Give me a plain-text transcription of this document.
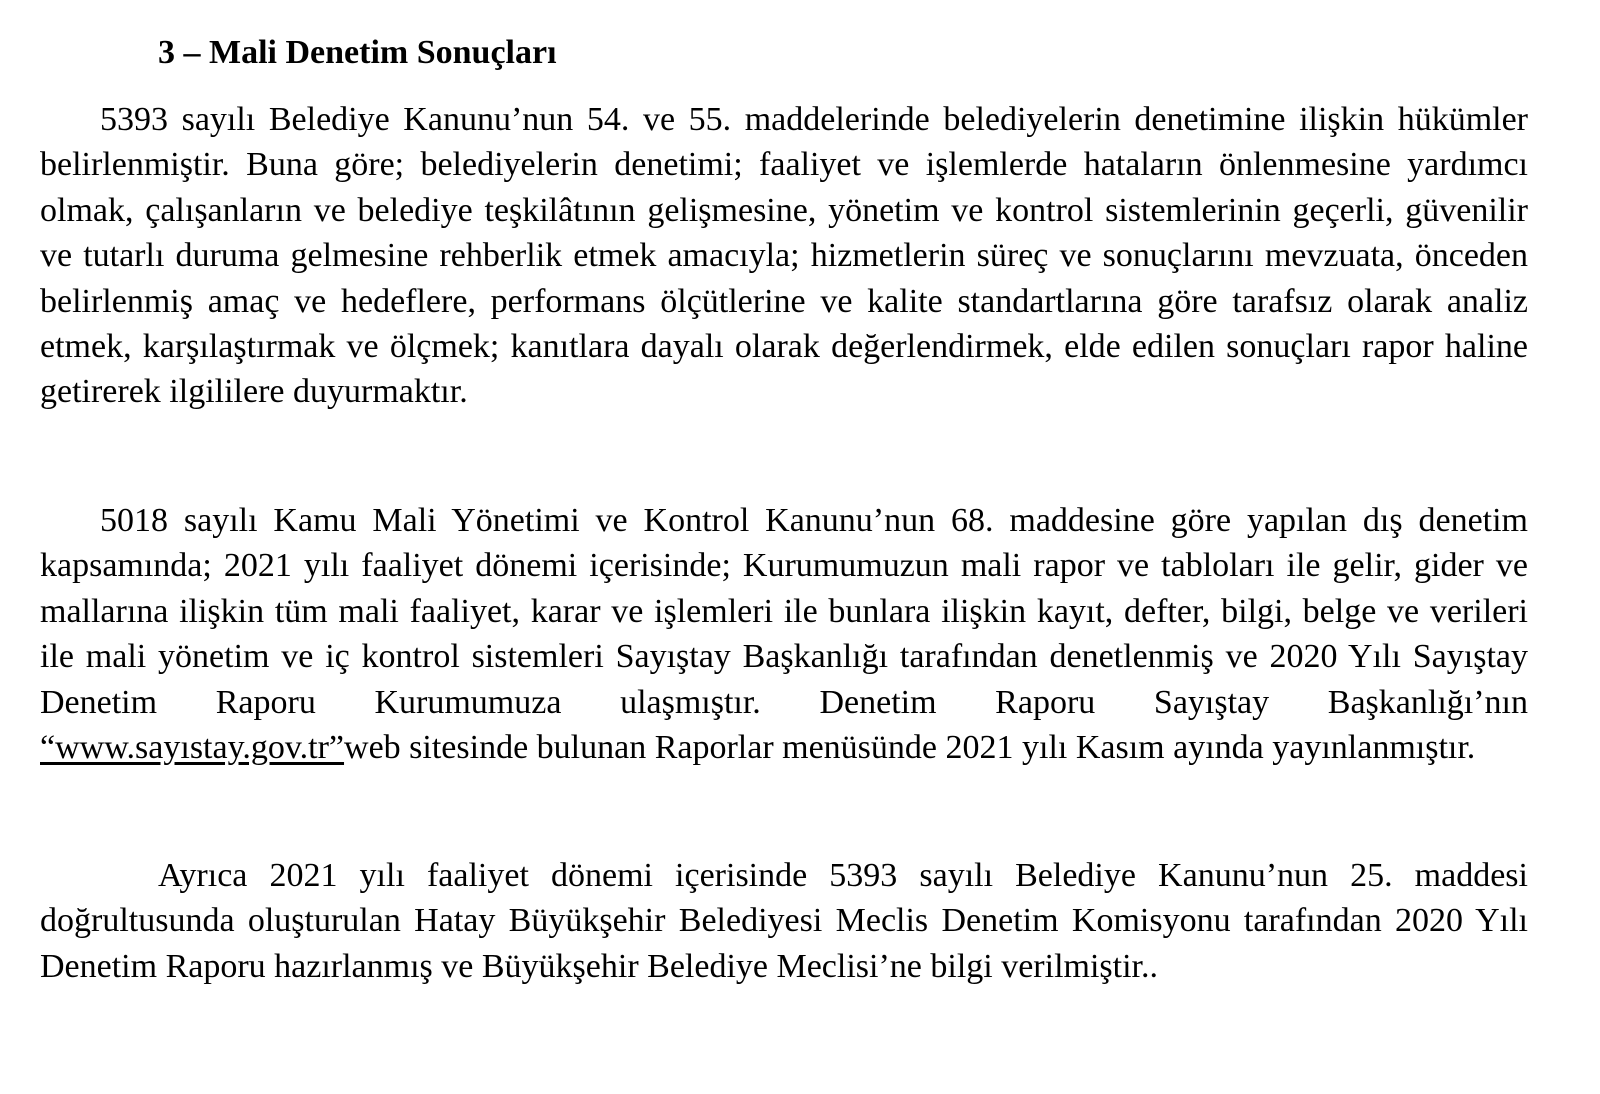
3 – Mali Denetim Sonuçları

5393 sayılı Belediye Kanunu’nun 54. ve 55. maddelerinde belediyelerin denetimine ilişkin hükümler belirlenmiştir. Buna göre; belediyelerin denetimi; faaliyet ve işlemlerde hataların önlenmesine yardımcı olmak, çalışanların ve belediye teşkilâtının gelişmesine, yönetim ve kontrol sistemlerinin geçerli, güvenilir ve tutarlı duruma gelmesine rehberlik etmek amacıyla; hizmetlerin süreç ve sonuçlarını mevzuata, önceden belirlenmiş amaç ve hedeflere, performans ölçütlerine ve kalite standartlarına göre tarafsız olarak analiz etmek, karşılaştırmak ve ölçmek; kanıtlara dayalı olarak değerlendirmek, elde edilen sonuçları rapor haline getirerek ilgililere duyurmaktır.

5018 sayılı Kamu Mali Yönetimi ve Kontrol Kanunu’nun 68. maddesine göre yapılan dış denetim kapsamında; 2021 yılı faaliyet dönemi içerisinde; Kurumumuzun mali rapor ve tabloları ile gelir, gider ve mallarına ilişkin tüm mali faaliyet, karar ve işlemleri ile bunlara ilişkin kayıt, defter, bilgi, belge ve verileri ile mali yönetim ve iç kontrol sistemleri Sayıştay Başkanlığı tarafından denetlenmiş ve 2020 Yılı Sayıştay Denetim Raporu Kurumumuza ulaşmıştır. Denetim Raporu Sayıştay Başkanlığı’nın “www.sayıstay.gov.tr”web sitesinde bulunan Raporlar menüsünde 2021 yılı Kasım ayında yayınlanmıştır.

Ayrıca 2021 yılı faaliyet dönemi içerisinde 5393 sayılı Belediye Kanunu’nun 25. maddesi doğrultusunda oluşturulan Hatay Büyükşehir Belediyesi Meclis Denetim Komisyonu tarafından 2020 Yılı Denetim Raporu hazırlanmış ve Büyükşehir Belediye Meclisi’ne bilgi verilmiştir..
